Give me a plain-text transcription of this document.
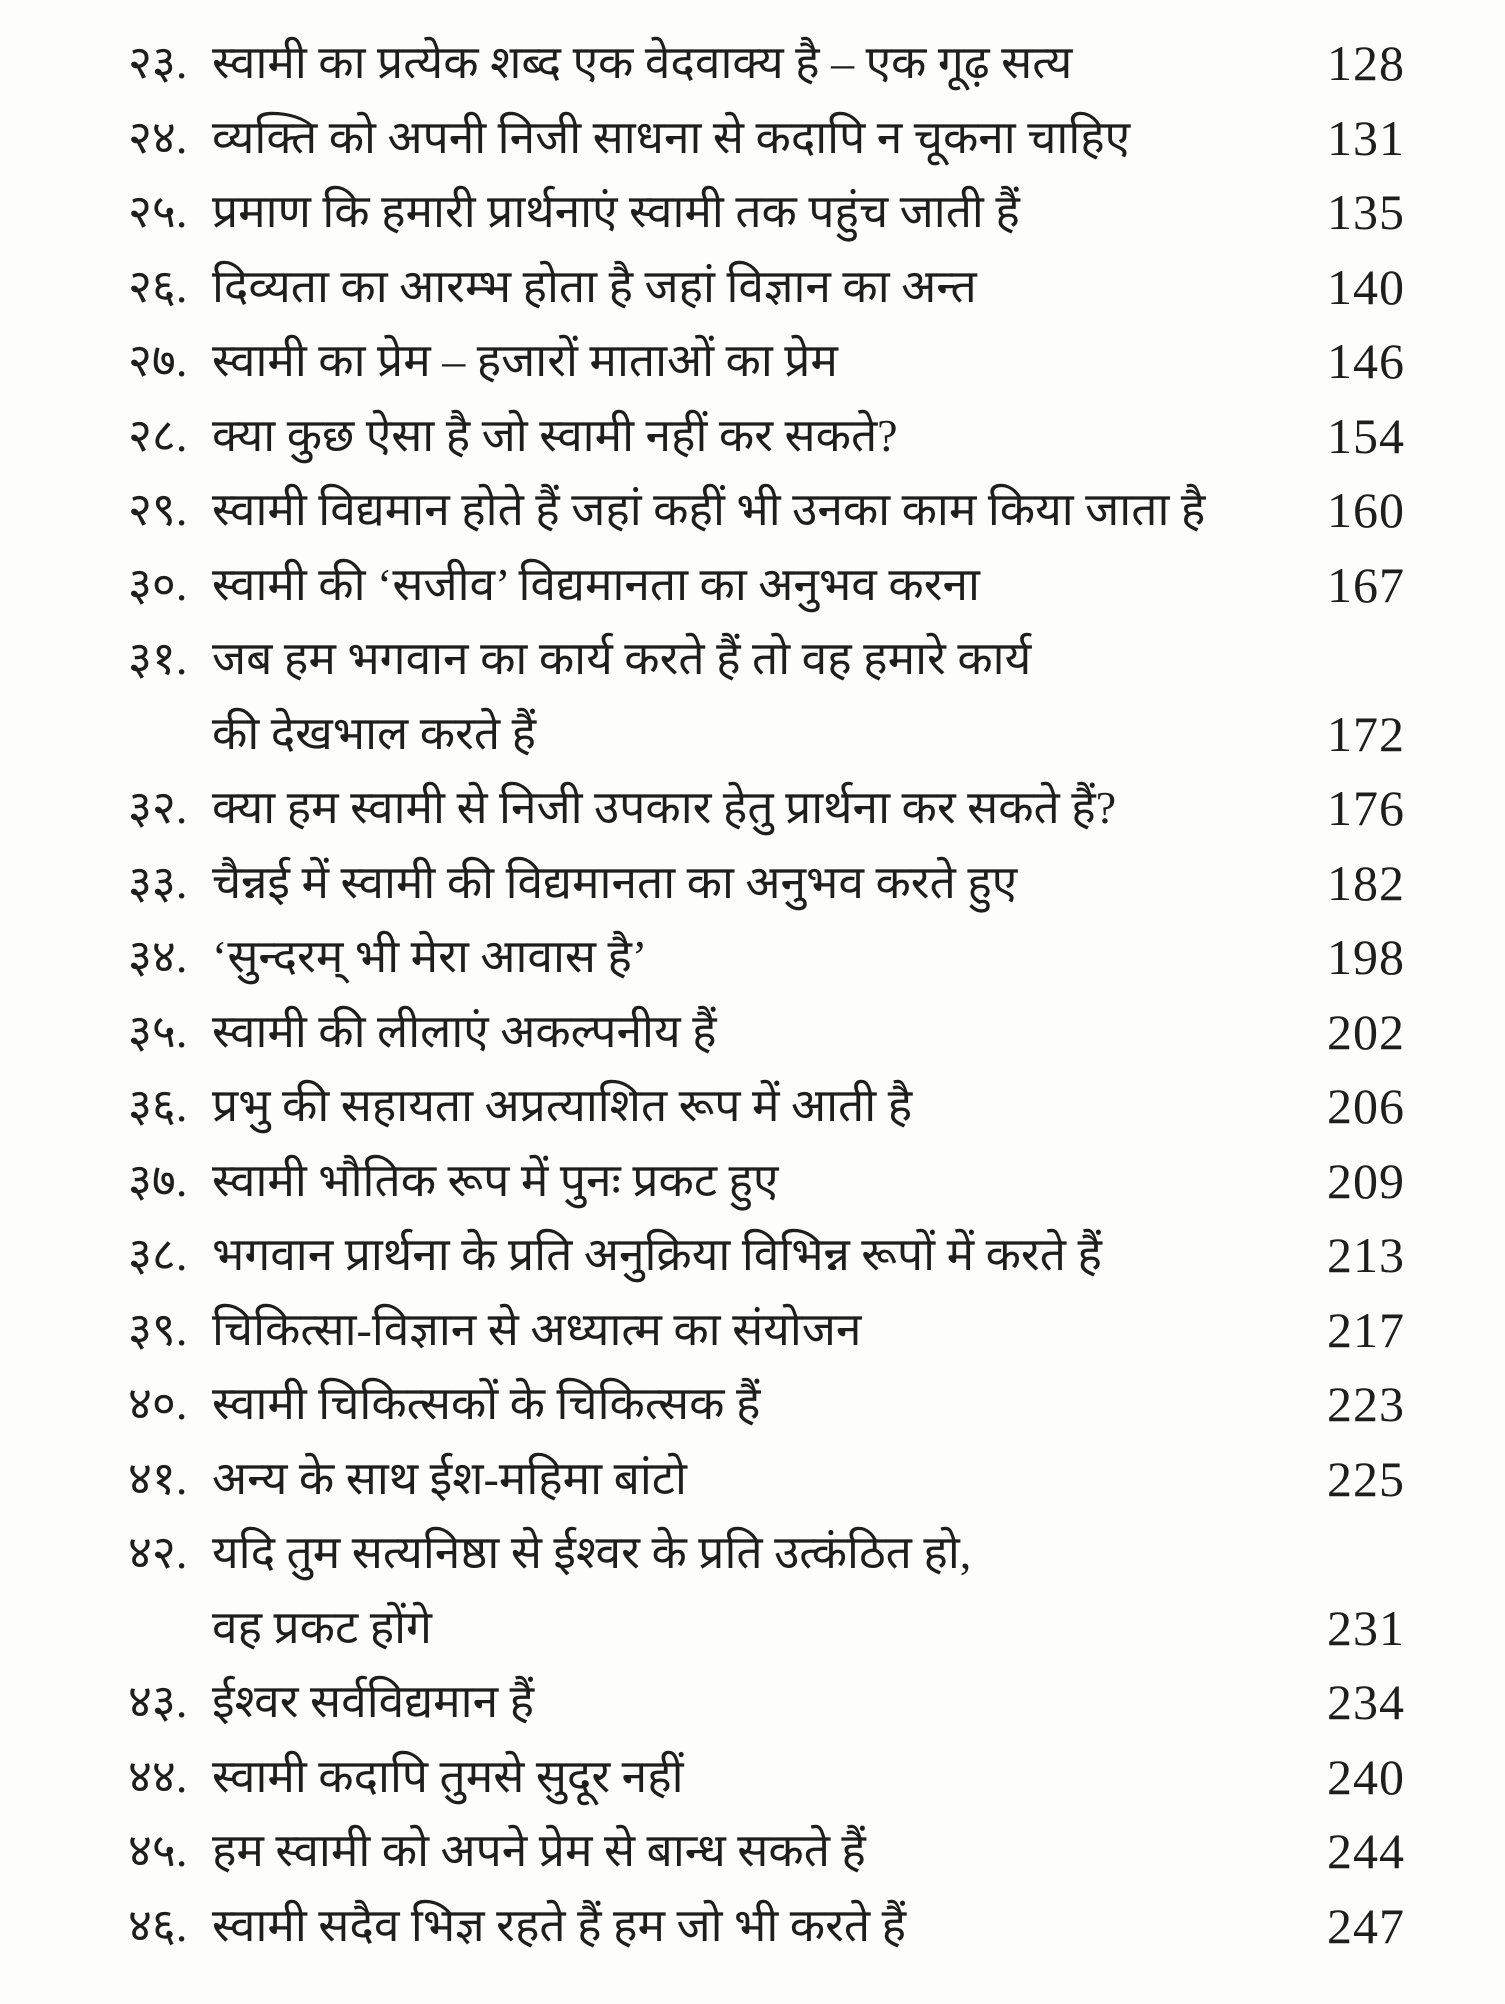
२३. स्वामी का प्रत्येक शब्द एक वेदवाक्य है – एक गूढ़ सत्य	128
२४. व्यक्ति को अपनी निजी साधना से कदापि न चूकना चाहिए	131
२५. प्रमाण कि हमारी प्रार्थनाएं स्वामी तक पहुंच जाती हैं	135
२६. दिव्यता का आरम्भ होता है जहां विज्ञान का अन्त	140
२७. स्वामी का प्रेम – हजारों माताओं का प्रेम	146
२८. क्या कुछ ऐसा है जो स्वामी नहीं कर सकते?	154
२९. स्वामी विद्यमान होते हैं जहां कहीं भी उनका काम किया जाता है	160
३०. स्वामी की ‘सजीव’ विद्यमानता का अनुभव करना	167
३१. जब हम भगवान का कार्य करते हैं तो वह हमारे कार्य
की देखभाल करते हैं	172
३२. क्या हम स्वामी से निजी उपकार हेतु प्रार्थना कर सकते हैं?	176
३३. चैन्नई में स्वामी की विद्यमानता का अनुभव करते हुए	182
३४. ‘सुन्दरम् भी मेरा आवास है’	198
३५. स्वामी की लीलाएं अकल्पनीय हैं	202
३६. प्रभु की सहायता अप्रत्याशित रूप में आती है	206
३७. स्वामी भौतिक रूप में पुनः प्रकट हुए	209
३८. भगवान प्रार्थना के प्रति अनुक्रिया विभिन्न रूपों में करते हैं	213
३९. चिकित्सा-विज्ञान से अध्यात्म का संयोजन	217
४०. स्वामी चिकित्सकों के चिकित्सक हैं	223
४१. अन्य के साथ ईश-महिमा बांटो	225
४२. यदि तुम सत्यनिष्ठा से ईश्वर के प्रति उत्कंठित हो,
वह प्रकट होंगे	231
४३. ईश्वर सर्वविद्यमान हैं	234
४४. स्वामी कदापि तुमसे सुदूर नहीं	240
४५. हम स्वामी को अपने प्रेम से बान्ध सकते हैं	244
४६. स्वामी सदैव भिज्ञ रहते हैं हम जो भी करते हैं	247
